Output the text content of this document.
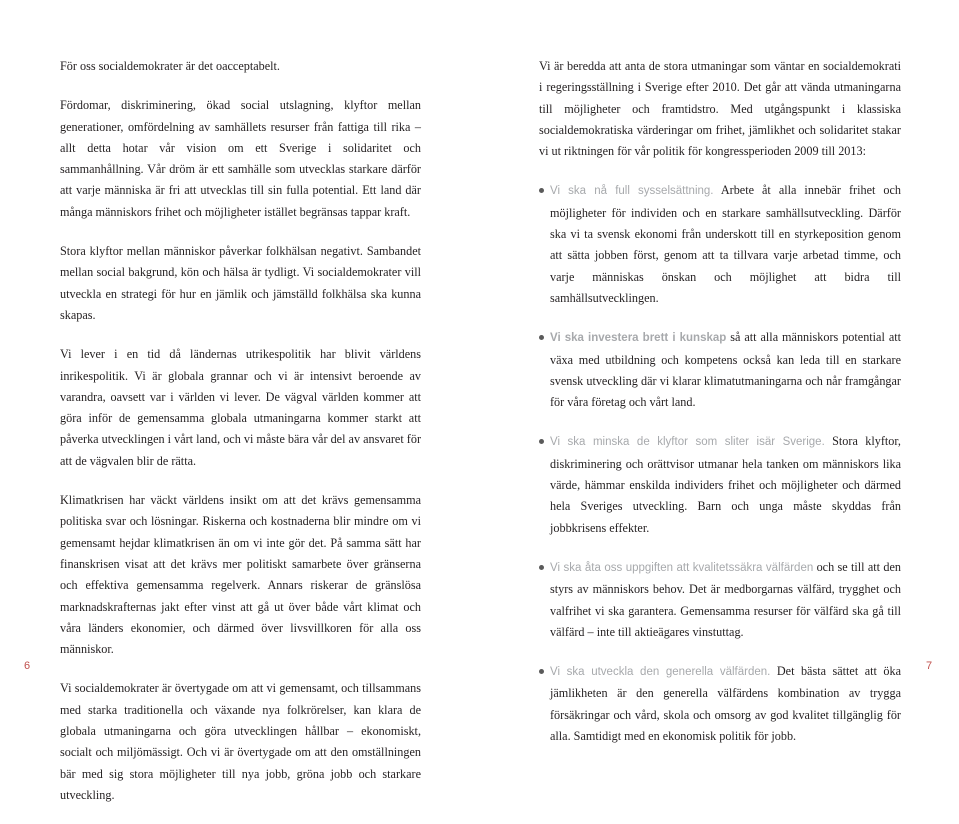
För oss socialdemokrater är det oacceptabelt.

Fördomar, diskriminering, ökad social utslagning, klyftor mellan generationer, omfördelning av samhällets resurser från fattiga till rika – allt detta hotar vår vision om ett Sverige i solidaritet och sammanhållning. Vår dröm är ett samhälle som utvecklas starkare därför att varje människa är fri att utvecklas till sin fulla potential. Ett land där många människors frihet och möjligheter istället begränsas tappar kraft.

Stora klyftor mellan människor påverkar folkhälsan negativt. Sambandet mellan social bakgrund, kön och hälsa är tydligt. Vi socialdemokrater vill utveckla en strategi för hur en jämlik och jämställd folkhälsa ska kunna skapas.

Vi lever i en tid då ländernas utrikespolitik har blivit världens inrikespolitik. Vi är globala grannar och vi är intensivt beroende av varandra, oavsett var i världen vi lever. De vägval världen kommer att göra inför de gemensamma globala utmaningarna kommer starkt att påverka utvecklingen i vårt land, och vi måste bära vår del av ansvaret för att de vägvalen blir de rätta.

Klimatkrisen har väckt världens insikt om att det krävs gemensamma politiska svar och lösningar. Riskerna och kostnaderna blir mindre om vi gemensamt hejdar klimatkrisen än om vi inte gör det. På samma sätt har finanskrisen visat att det krävs mer politiskt samarbete över gränserna och effektiva gemensamma regelverk. Annars riskerar de gränslösa marknadskrafternas jakt efter vinst att gå ut över både vårt klimat och våra länders ekonomier, och därmed över livsvillkoren för alla oss människor.

Vi socialdemokrater är övertygade om att vi gemensamt, och tillsammans med starka traditionella och växande nya folkrörelser, kan klara de globala utmaningarna och göra utvecklingen hållbar – ekonomiskt, socialt och miljömässigt. Och vi är övertygade om att den omställningen bär med sig stora möjligheter till nya jobb, gröna jobb och starkare utveckling.

6

Vi är beredda att anta de stora utmaningar som väntar en socialdemokrati i regeringsställning i Sverige efter 2010. Det går att vända utmaningarna till möjligheter och framtidstro. Med utgångspunkt i klassiska socialdemokratiska värderingar om frihet, jämlikhet och solidaritet stakar vi ut riktningen för vår politik för kongressperioden 2009 till 2013:

Vi ska nå full sysselsättning. Arbete åt alla innebär frihet och möjligheter för individen och en starkare samhällsutveckling. Därför ska vi ta svensk ekonomi från underskott till en styrkeposition genom att sätta jobben först, genom att ta tillvara varje arbetad timme, och varje människas önskan och möjlighet att bidra till samhällsutvecklingen.
Vi ska investera brett i kunskap så att alla människors potential att växa med utbildning och kompetens också kan leda till en starkare svensk utveckling där vi klarar klimatutmaningarna och når framgångar för våra företag och vårt land.
Vi ska minska de klyftor som sliter isär Sverige. Stora klyftor, diskriminering och orättvisor utmanar hela tanken om människors lika värde, hämmar enskilda individers frihet och möjligheter och därmed hela Sveriges utveckling. Barn och unga måste skyddas från jobbkrisens effekter.
Vi ska åta oss uppgiften att kvalitetssäkra välfärden och se till att den styrs av människors behov. Det är medborgarnas välfärd, trygghet och valfrihet vi ska garantera. Gemensamma resurser för välfärd ska gå till välfärd – inte till aktieägares vinstuttag.
Vi ska utveckla den generella välfärden. Det bästa sättet att öka jämlikheten är den generella välfärdens kombination av trygga försäkringar och vård, skola och omsorg av god kvalitet tillgänglig för alla. Samtidigt med en ekonomisk politik för jobb.
7
